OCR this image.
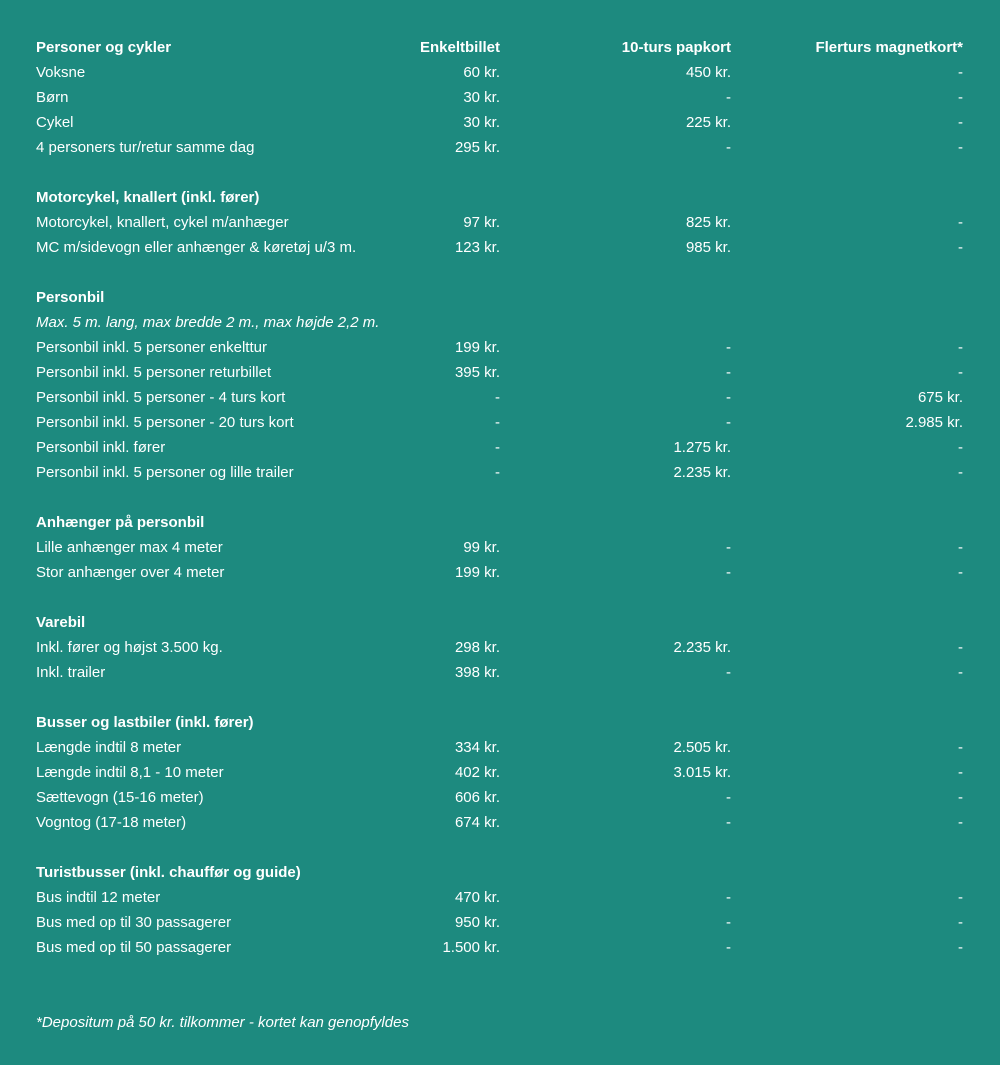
Personer og cykler	Enkeltbillet	10-turs papkort	Flerturs magnetkort*
Voksne	60 kr.	450 kr.	-
Børn	30 kr.	-	-
Cykel	30 kr.	225 kr.	-
4 personers tur/retur samme dag	295 kr.	-	-
Motorcykel, knallert (inkl. fører)
Motorcykel, knallert, cykel m/anhæger	97 kr.	825 kr.	-
MC m/sidevogn eller anhænger & køretøj u/3 m.	123 kr.	985 kr.	-
Personbil
Max. 5 m. lang, max bredde 2 m., max højde 2,2 m.
Personbil inkl. 5 personer enkelttur	199 kr.	-	-
Personbil inkl. 5 personer returbillet	395 kr.	-	-
Personbil inkl. 5 personer - 4 turs kort	-	-	675 kr.
Personbil inkl. 5 personer - 20 turs kort	-	-	2.985 kr.
Personbil inkl. fører	-	1.275 kr.	-
Personbil inkl. 5 personer og lille trailer	-	2.235 kr.	-
Anhænger på personbil
Lille anhænger max 4 meter	99 kr.	-	-
Stor anhænger over 4 meter	199 kr.	-	-
Varebil
Inkl. fører og højst 3.500 kg.	298 kr.	2.235 kr.	-
Inkl. trailer	398 kr.	-	-
Busser og lastbiler (inkl. fører)
Længde indtil 8 meter	334 kr.	2.505 kr.	-
Længde indtil 8,1 - 10 meter	402 kr.	3.015 kr.	-
Sættevogn (15-16 meter)	606 kr.	-	-
Vogntog (17-18 meter)	674 kr.	-	-
Turistbusser (inkl. chauffør og guide)
Bus indtil 12 meter	470 kr.	-	-
Bus med op til 30 passagerer	950 kr.	-	-
Bus med op til 50 passagerer	1.500 kr.	-	-
*Depositum på 50 kr. tilkommer - kortet kan genopfyldes
